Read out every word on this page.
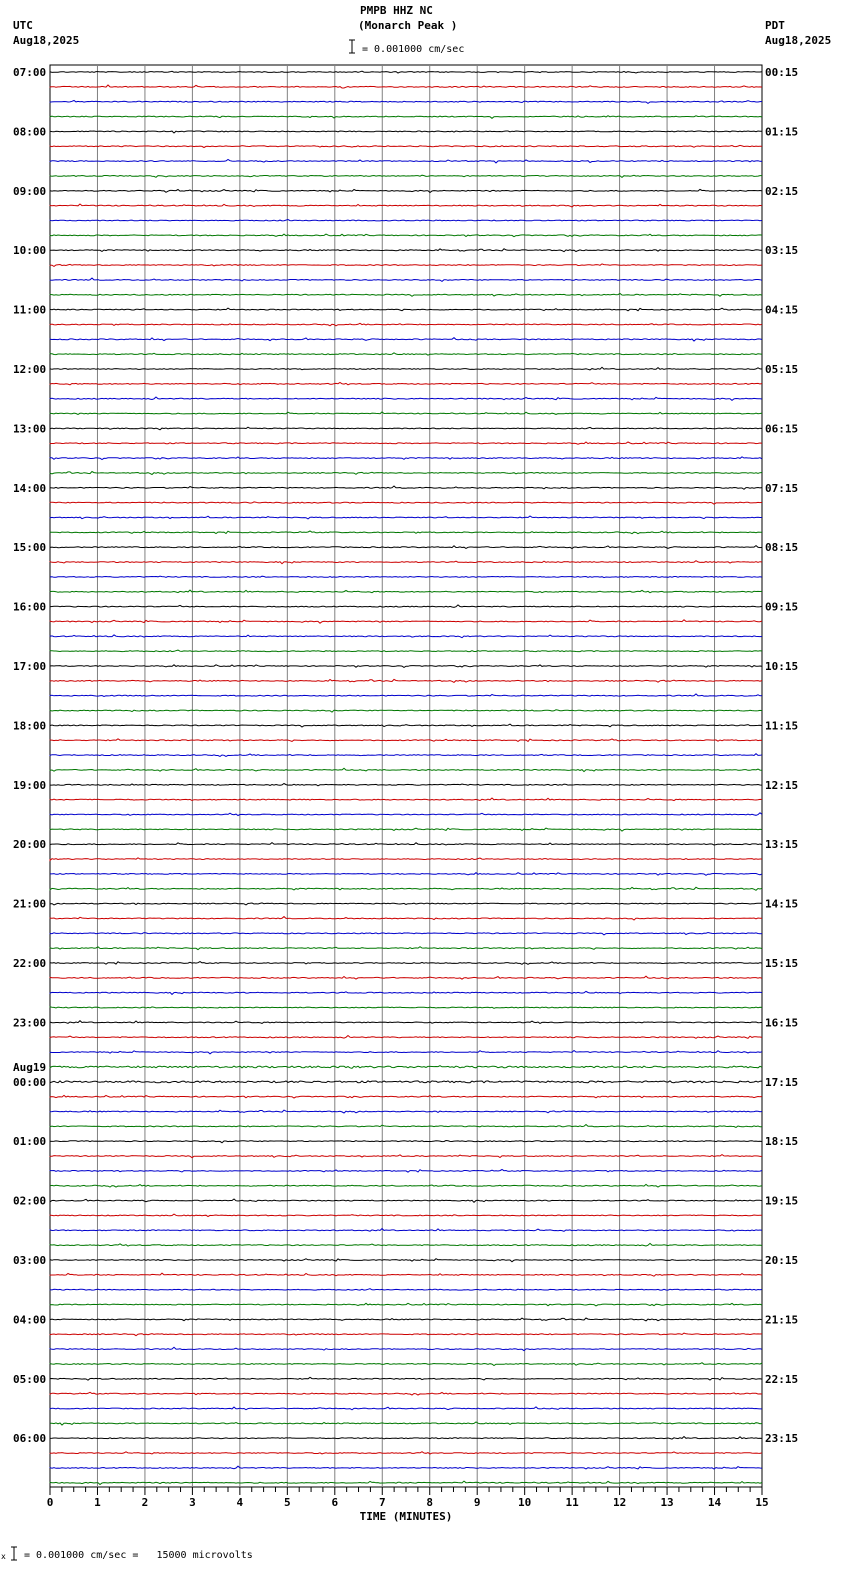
PMPB HHZ NC
(Monarch Peak )
UTC
Aug18,2025
PDT
Aug18,2025
= 0.001000 cm/sec
= 0.001000 cm/sec =   15000 microvolts
0	1	2	3	4	5	6	7	8	9	10	11	12	13	14	15
TIME (MINUTES)
07:00	00:15
08:00	01:15
09:00	02:15
10:00	03:15
11:00	04:15
12:00	05:15
13:00	06:15
14:00	07:15
15:00	08:15
16:00	09:15
17:00	10:15
18:00	11:15
19:00	12:15
20:00	13:15
21:00	14:15
22:00	15:15
23:00	16:15
00:00	17:15
01:00	18:15
02:00	19:15
03:00	20:15
04:00	21:15
05:00	22:15
06:00	23:15
Aug19
x
